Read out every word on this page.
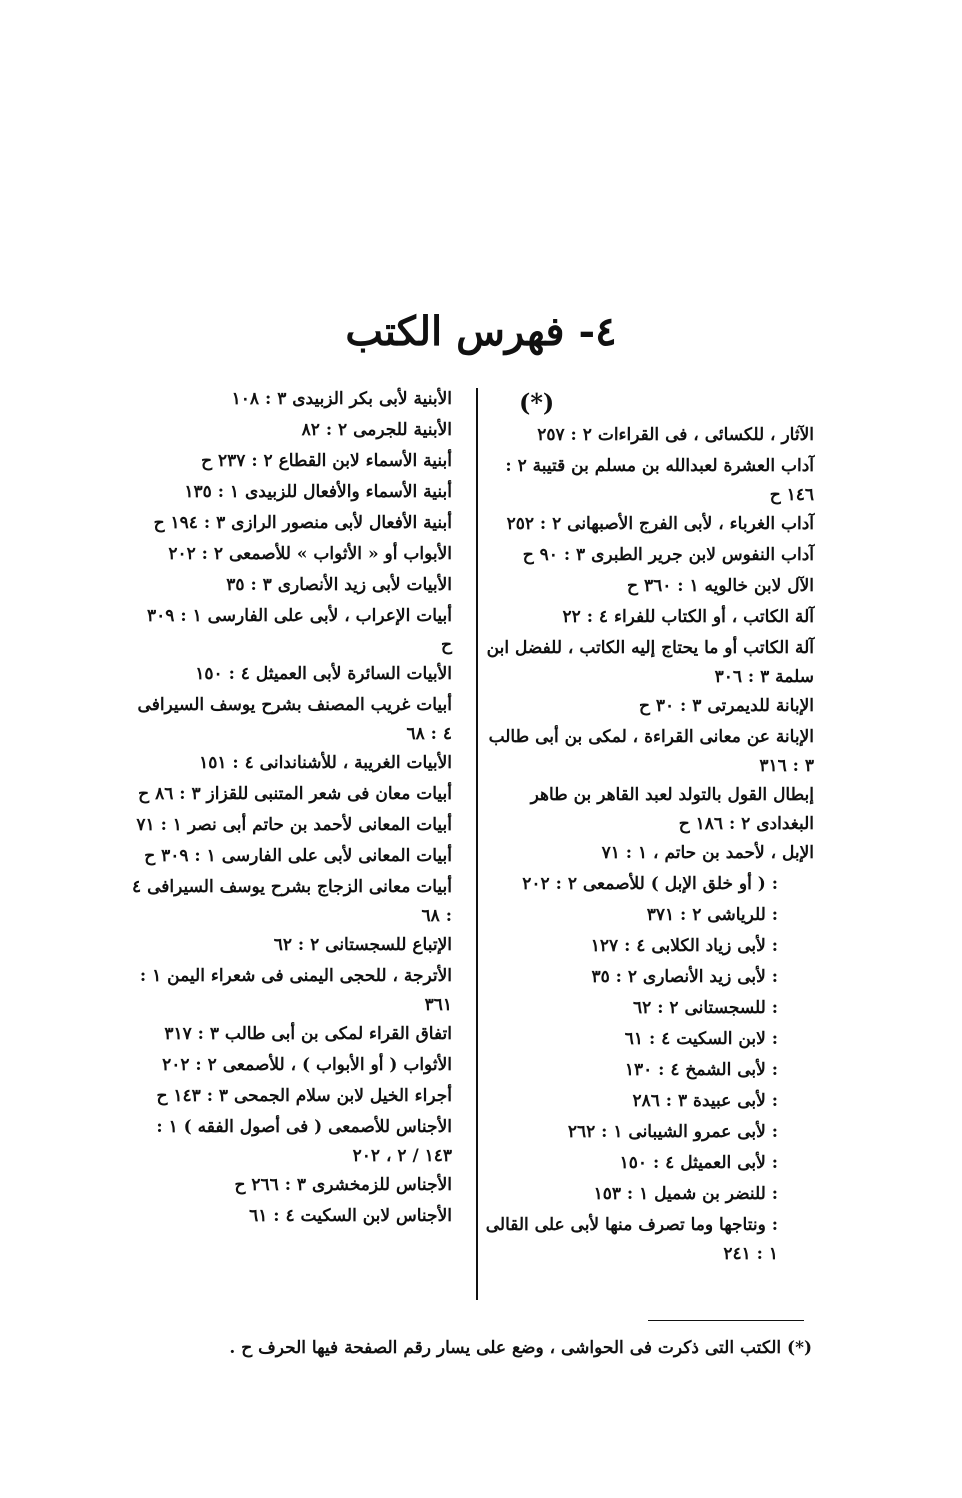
٤- فهرس الكتب
(*)
الآثار ، للكسائى ، فى القراءات ٢ : ٢٥٧
آداب العشرة لعبدالله بن مسلم بن قتيبة ٢ : ١٤٦ ح
آداب الغرباء ، لأبى الفرج الأصبهانى ٢ : ٢٥٢
آداب النفوس لابن جرير الطبرى ٣ : ٩٠ ح
الآل لابن خالويه ١ : ٣٦٠ ح
آلة الكاتب ، أو الكتاب للفراء ٤ : ٢٢
آلة الكاتب أو ما يحتاج إليه الكاتب ، للفضل ابن سلمة ٣ : ٣٠٦
الإبانة للديمرتى ٣ : ٣٠ ح
الإبانة عن معانى القراءة ، لمكى بن أبى طالب ٣ : ٣١٦
إبطال القول بالتولد لعبد القاهر بن طاهر البغدادى ٢ : ١٨٦ ح
الإبل ، لأحمد بن حاتم ، ١ : ٧١
: ( أو خلق الإبل ) للأصمعى ٢ : ٢٠٢
: للرياشى ٢ : ٣٧١
: لأبى زياد الكلابى ٤ : ١٢٧
: لأبى زيد الأنصارى ٢ : ٣٥
: للسجستانى ٢ : ٦٢
: لابن السكيت ٤ : ٦١
: لأبى الشمخ ٤ : ١٣٠
: لأبى عبيدة ٣ : ٢٨٦
: لأبى عمرو الشيبانى ١ : ٢٦٢
: لأبى العميثل ٤ : ١٥٠
: للنضر بن شميل ١ : ١٥٣
: ونتاجها وما تصرف منها لأبى على القالى ١ : ٢٤١
الأبنية لأبى بكر الزبيدى ٣ : ١٠٨
الأبنية للجرمى ٢ : ٨٢
أبنية الأسماء لابن القطاع ٢ : ٢٣٧ ح
أبنية الأسماء والأفعال للزبيدى ١ : ١٣٥
أبنية الأفعال لأبى منصور الرازى ٣ : ١٩٤ ح
الأبواب أو « الأثواب » للأصمعى ٢ : ٢٠٢
الأبيات لأبى زيد الأنصارى ٣ : ٣٥
أبيات الإعراب ، لأبى على الفارسى ١ : ٣٠٩ ح
الأبيات السائرة لأبى العميثل ٤ : ١٥٠
أبيات غريب المصنف بشرح يوسف السيرافى ٤ : ٦٨
الأبيات الغريبة ، للأشناندانى ٤ : ١٥١
أبيات معان فى شعر المتنبى للقزاز ٣ : ٨٦ ح
أبيات المعانى لأحمد بن حاتم أبى نصر ١ : ٧١
أبيات المعانى لأبى على الفارسى ١ : ٣٠٩ ح
أبيات معانى الزجاج بشرح يوسف السيرافى ٤ : ٦٨
الإتباع للسجستانى ٢ : ٦٢
الأترجة ، للحجى اليمنى فى شعراء اليمن ١ : ٣٦١
اتفاق القراء لمكى بن أبى طالب ٣ : ٣١٧
الأثواب ( أو الأبواب ) ، للأصمعى ٢ : ٢٠٢
أجراء الخيل لابن سلام الجمحى ٣ : ١٤٣ ح
الأجناس للأصمعى ( فى أصول الفقه ) ١ : ١٤٣ / ٢ ، ٢٠٢
الأجناس للزمخشرى ٣ : ٢٦٦ ح
الأجناس لابن السكيت ٤ : ٦١
(*) الكتب التى ذكرت فى الحواشى ، وضع على يسار رقم الصفحة فيها الحرف ح .
